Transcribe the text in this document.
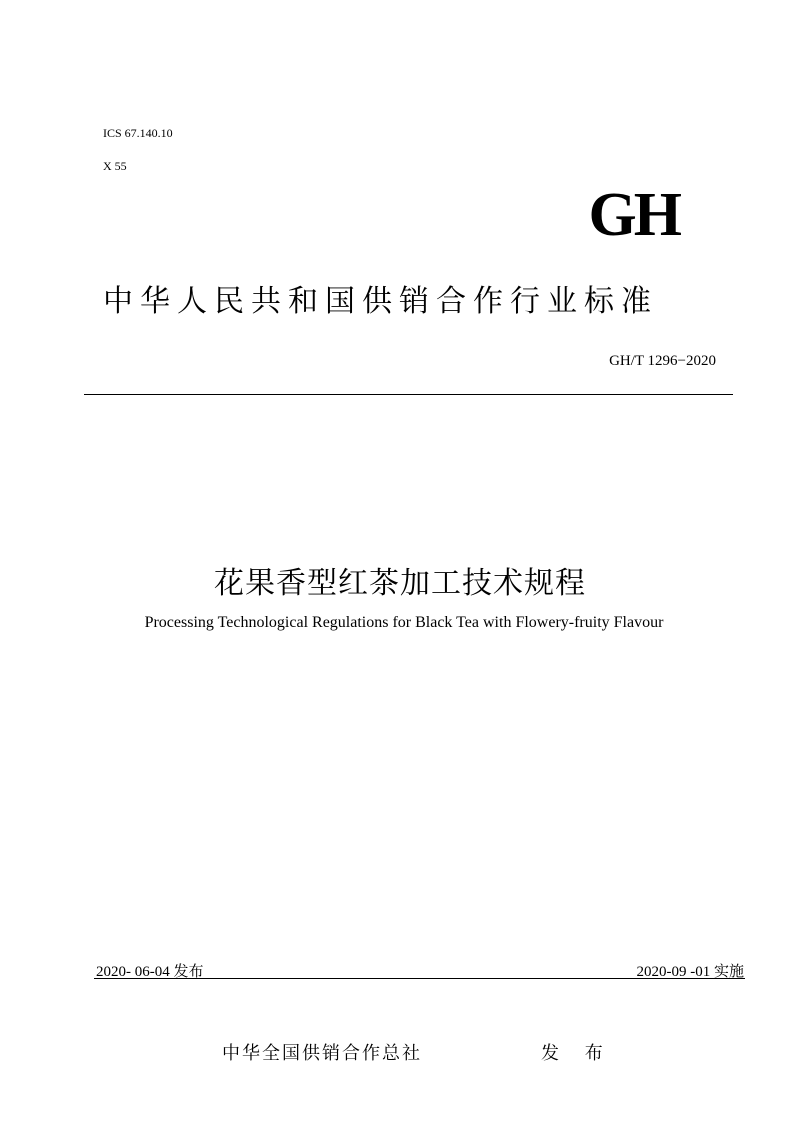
ICS 67.140.10
X 55
GH
中华人民共和国供销合作行业标准
GH/T 1296−2020
花果香型红茶加工技术规程
Processing Technological Regulations for Black Tea with Flowery-fruity Flavour
2020- 06-04 发布	2020-09 -01 实施
中华全国供销合作总社	发 布
